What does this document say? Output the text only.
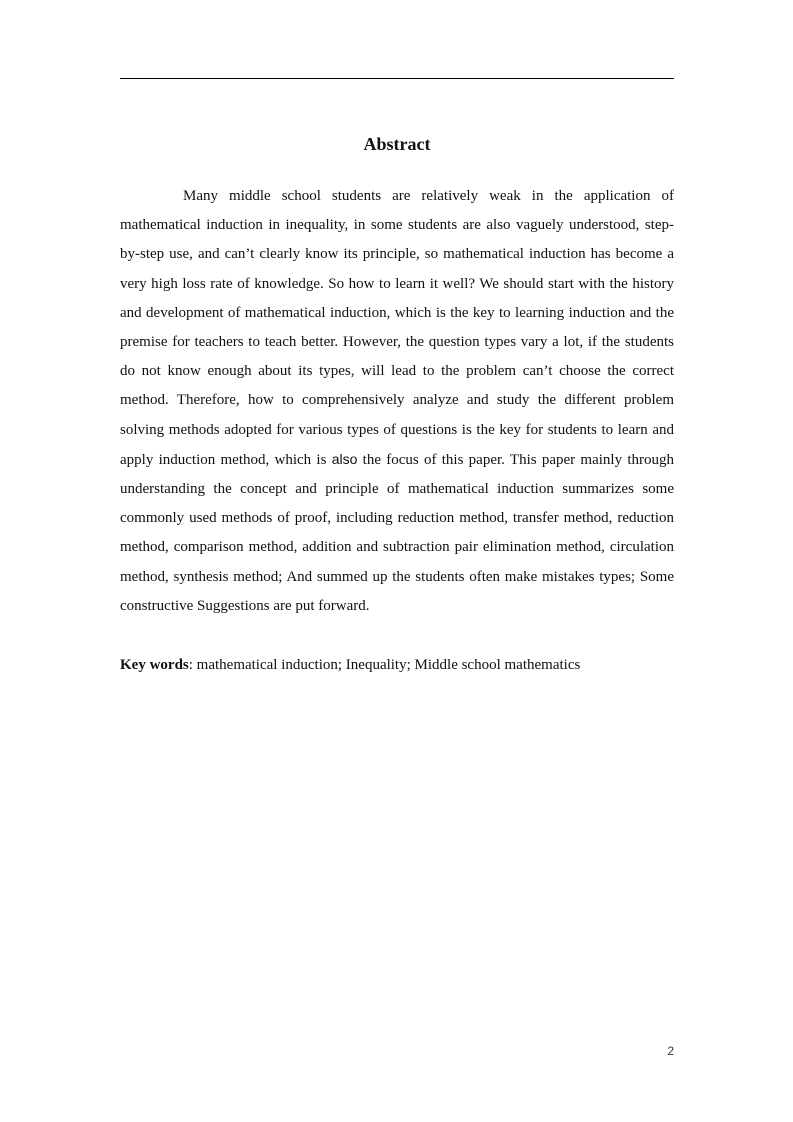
Abstract

Many middle school students are relatively weak in the application of mathematical induction in inequality, in some students are also vaguely understood, step-by-step use, and can’t clearly know its principle, so mathematical induction has become a very high loss rate of knowledge. So how to learn it well? We should start with the history and development of mathematical induction, which is the key to learning induction and the premise for teachers to teach better. However, the question types vary a lot, if the students do not know enough about its types, will lead to the problem can’t choose the correct method. Therefore, how to comprehensively analyze and study the different problem solving methods adopted for various types of questions is the key for students to learn and apply induction method, which is also the focus of this paper. This paper mainly through understanding the concept and principle of mathematical induction summarizes some commonly used methods of proof, including reduction method, transfer method, reduction method, comparison method, addition and subtraction pair elimination method, circulation method, synthesis method; And summed up the students often make mistakes types; Some constructive Suggestions are put forward.

Key words: mathematical induction; Inequality; Middle school mathematics
2
